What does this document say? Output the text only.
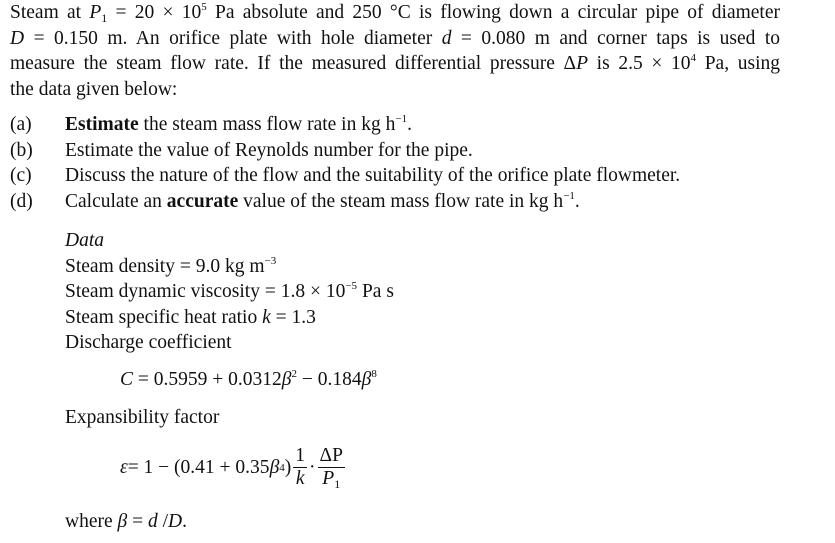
Steam at $P_1 = 20 \times 10^5$ Pa absolute and 250 °C is flowing down a circular pipe of diameter
D = 0.150 m. An orifice plate with hole diameter d = 0.080 m and corner taps is used to
measure the steam flow rate. If the measured differential pressure ΔP is $2.5 \times 10^4$ Pa, using
the data given below:
(a)	Estimate the steam mass flow rate in kg $h^{-1}$.
(b)	Estimate the value of Reynolds number for the pipe.
(c)	Discuss the nature of the flow and the suitability of the orifice plate flowmeter.
(d)	Calculate an accurate value of the steam mass flow rate in kg $h^{-1}$.
Data
Steam density = 9.0 kg $m^{-3}$
Steam dynamic viscosity = $1.8 \times 10^{-5}$ Pa s
Steam specific heat ratio k = 1.3
Discharge coefficient
$C = 0.5959 + 0.0312\beta^2 - 0.184\beta^8$
Expansibility factor
ε = 1 − (0.41 + 0.35 β 4 ) $\frac{1}{k} \cdot \frac{\Delta P}{P_1}$
where β = d /D.
